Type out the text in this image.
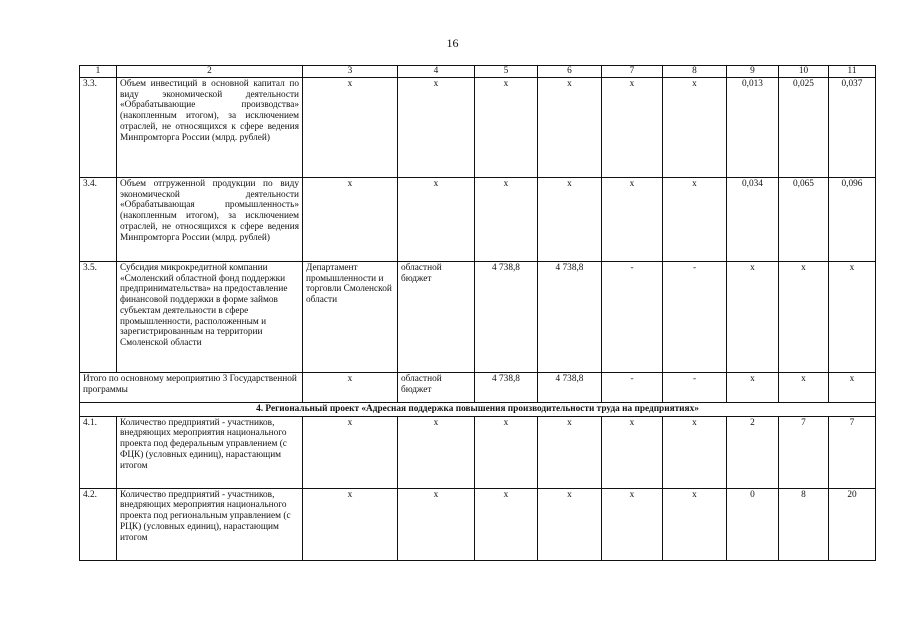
16
1	2	3	4	5	6	7	8	9	10	11
3.3.	Объем инвестиций в основной капитал по виду экономической деятельности «Обрабатывающие производства» (накопленным итогом), за исключением отраслей, не относящихся к сфере ведения Минпромторга России (млрд. рублей)	x	x	x	x	x	x	0,013	0,025	0,037
3.4.	Объем отгруженной продукции по виду экономической деятельности «Обрабатывающая промышленность» (накопленным итогом), за исключением отраслей, не относящихся к сфере ведения Минпромторга России (млрд. рублей)	x	x	x	x	x	x	0,034	0,065	0,096
3.5.	Субсидия микрокредитной компании «Смоленский областной фонд поддержки предпринимательства» на предоставление финансовой поддержки в форме займов субъектам деятельности в сфере промышленности, расположенным и зарегистрированным на территории Смоленской области	Департамент промышленности и торговли Смоленской области	областной бюджет	4 738,8	4 738,8	-	-	x	x	x
Итого по основному мероприятию 3 Государственной программы		x	областной бюджет	4 738,8	4 738,8	-	-	x	x	x
4. Региональный проект «Адресная поддержка повышения производительности труда на предприятиях»										
4.1.	Количество предприятий - участников, внедряющих мероприятия национального проекта под федеральным управлением (с ФЦК) (условных единиц), нарастающим итогом	x	x	x	x	x	x	2	7	7
4.2.	Количество предприятий - участников, внедряющих мероприятия национального проекта под региональным управлением (с РЦК) (условных единиц), нарастающим итогом	x	x	x	x	x	x	0	8	20
